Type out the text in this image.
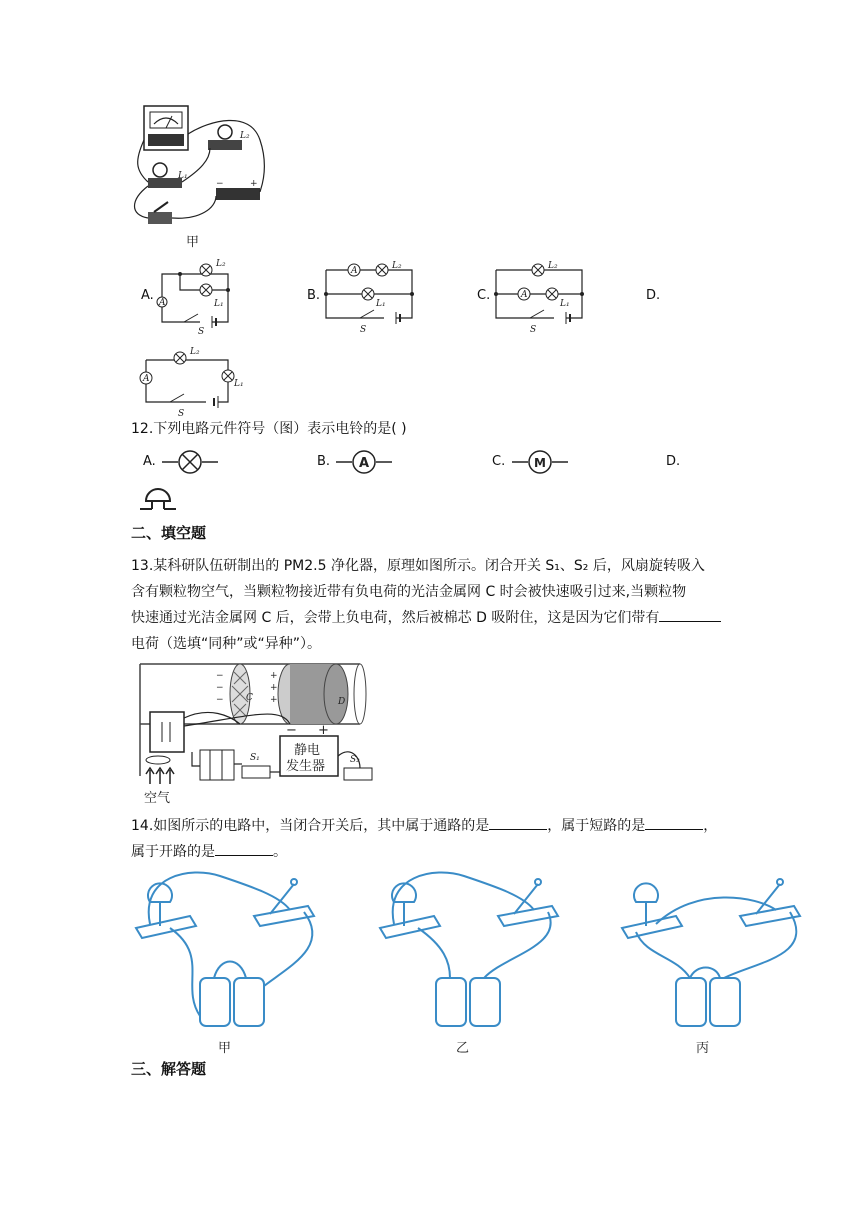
L₂
L₁
−	+
甲
A. A
L₂
L₁
S
B.
A	L₂
L₁
S
C.	A
L₂
L₁
S
D.
A
L₂
L₁
S
12.下列电路元件符号（图）表示电铃的是( )
A.	B. A	C. M	D.
二、填空题
13.某科研队伍研制出的 PM2.5 净化器，原理如图所示。闭合开关 S₁、S₂ 后，风扇旋转吸入
含有颗粒物空气，当颗粒物接近带有负电荷的光洁金属网 C 时会被快速吸引过来,当颗粒物
快速通过光洁金属网 C 后，会带上负电荷，然后被棉芯 D 吸附住，这是因为它们带有
电荷（选填“同种”或“异种”）。
C	D
−
−
−
+
+
+
S₁	静电
发生器
− +
S₂
空气
14.如图所示的电路中，当闭合开关后，其中属于通路的是	，属于短路的是	，
属于开路的是	。
甲	乙	丙
三、解答题
